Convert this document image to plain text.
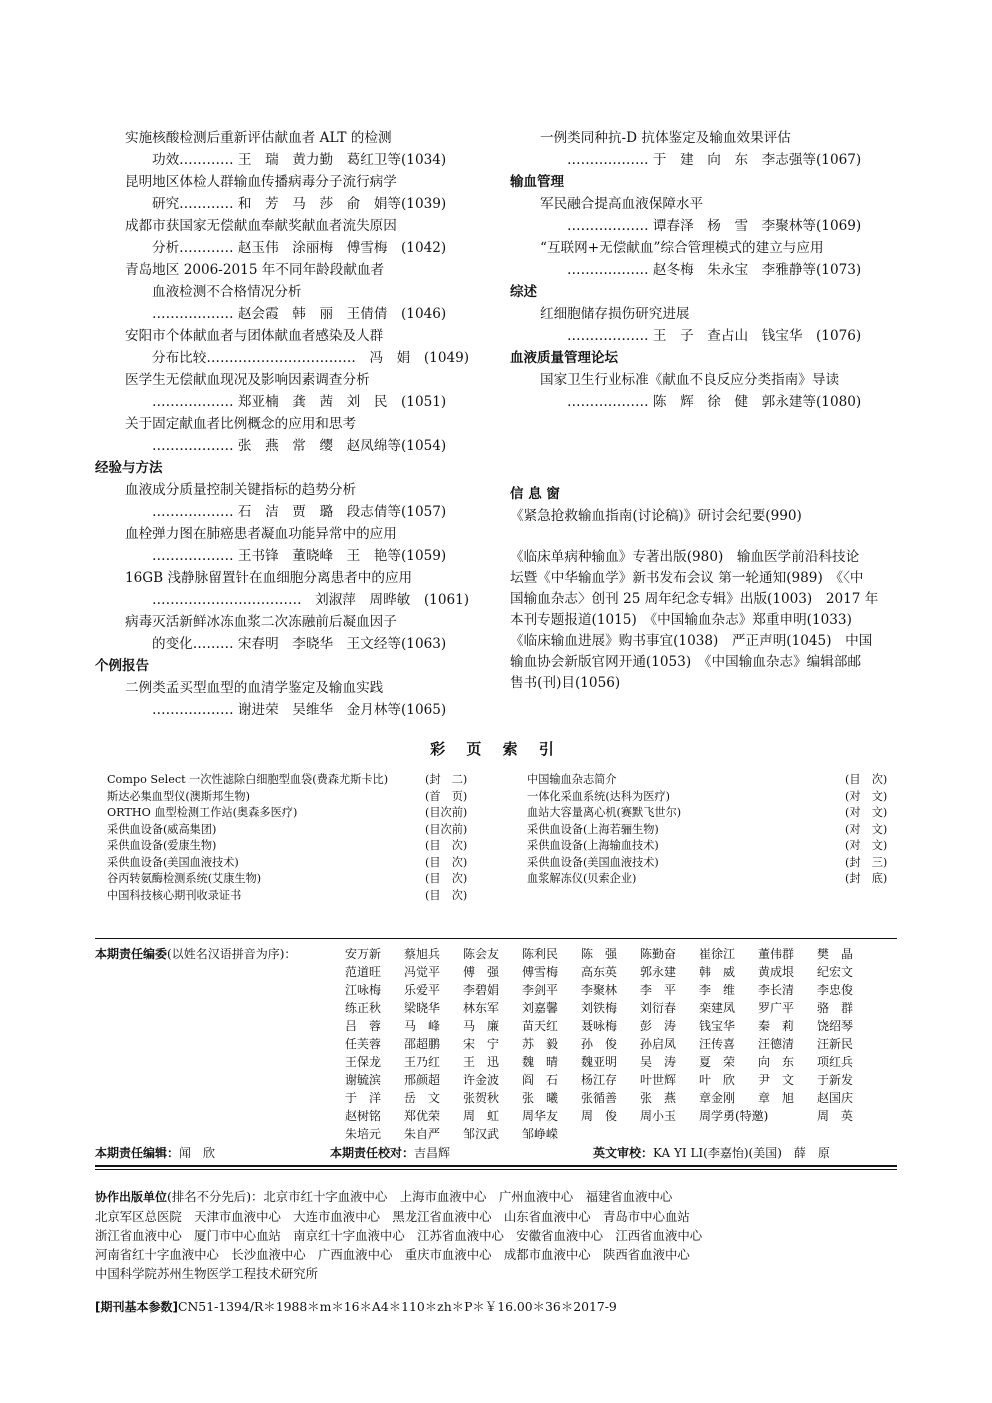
实施核酸检测后重新评估献血者 ALT 的检测
功效………… 王　瑞　黄力勤　葛红卫等(1034)
昆明地区体检人群输血传播病毒分子流行病学
研究………… 和　芳　马　莎　俞　娟等(1039)
成都市获国家无偿献血奉献奖献血者流失原因
分析………… 赵玉伟　涂丽梅　傅雪梅　(1042)
青岛地区 2006-2015 年不同年龄段献血者
血液检测不合格情况分析
……………… 赵会霞　韩　丽　王倩倩　(1046)
安阳市个体献血者与团体献血者感染及人群
分布比较……………………………　冯　娟　(1049)
医学生无偿献血现况及影响因素调查分析
……………… 郑亚楠　龚　茜　刘　民　(1051)
关于固定献血者比例概念的应用和思考
……………… 张　燕　常　缨　赵凤绵等(1054)
经验与方法
血液成分质量控制关键指标的趋势分析
……………… 石　洁　贾　璐　段志倩等(1057)
血栓弹力图在肺癌患者凝血功能异常中的应用
……………… 王书锋　董晓峰　王　艳等(1059)
16GB 浅静脉留置针在血细胞分离患者中的应用
……………………………　刘淑萍　周晔敏　(1061)
病毒灭活新鲜冰冻血浆二次冻融前后凝血因子
的变化……… 宋春明　李晓华　王文经等(1063)
个例报告
二例类孟买型血型的血清学鉴定及输血实践
……………… 谢进荣　吴维华　金月林等(1065)
一例类同种抗-D 抗体鉴定及输血效果评估
……………… 于　建　向　东　李志强等(1067)
输血管理
军民融合提高血液保障水平
……………… 谭春泽　杨　雪　李聚林等(1069)
“互联网+无偿献血”综合管理模式的建立与应用
……………… 赵冬梅　朱永宝　李雅静等(1073)
综述
红细胞储存损伤研究进展
……………… 王　子　查占山　钱宝华　(1076)
血液质量管理论坛
国家卫生行业标准《献血不良反应分类指南》导读
……………… 陈　辉　徐　健　郭永建等(1080)
信 息 窗
《紧急抢救输血指南(讨论稿)》研讨会纪要(990)
《临床单病种输血》专著出版(980)　输血医学前沿科技论
坛暨《中华输血学》新书发布会议 第一轮通知(989)　《〈中
国输血杂志〉创刊 25 周年纪念专辑》出版(1003)　2017 年
本刊专题报道(1015)　《中国输血杂志》郑重申明(1033)
《临床输血进展》购书事宜(1038)　严正声明(1045)　中国
输血协会新版官网开通(1053)　《中国输血杂志》编辑部邮
售书(刊)目(1056)
彩 页 索 引
Compo Select 一次性滤除白细胞型血袋(费森尤斯卡比)	(封　二)
斯达必集血型仪(澳斯邦生物)	(首　页)
ORTHO 血型检测工作站(奥森多医疗)	(目次前)
采供血设备(威高集团)	(目次前)
采供血设备(爱康生物)	(目　次)
采供血设备(美国血液技术)	(目　次)
谷丙转氨酶检测系统(艾康生物)	(目　次)
中国科技核心期刊收录证书	(目　次)
中国输血杂志简介	(目　次)
一体化采血系统(达科为医疗)	(对　文)
血站大容量离心机(赛默飞世尔)	(对　文)
采供血设备(上海若骊生物)	(对　文)
采供血设备(上海输血技术)	(对　文)
采供血设备(美国血液技术)	(封　三)
血浆解冻仪(贝索企业)	(封　底)
本期责任编委(以姓名汉语拼音为序)：	安万新 蔡旭兵 陈会友 陈利民 陈　强 陈勤奋 崔徐江 董伟群 樊　晶
范道旺 冯觉平 傅　强 傅雪梅 高东英 郭永建 韩　威 黄成垠 纪宏文
江咏梅 乐爱平 李碧娟 李剑平 李聚林 李　平 李　维 李长清 李忠俊
练正秋 梁晓华 林东军 刘嘉馨 刘铁梅 刘衍春 栾建凤 罗广平 骆　群
吕　蓉 马　峰 马　廉 苗天红 聂咏梅 彭　涛 钱宝华 秦　莉 饶绍琴
任芙蓉 邵超鹏 宋　宁 苏　毅 孙　俊 孙启凤 汪传喜 汪德清 汪新民
王保龙 王乃红 王　迅 魏　晴 魏亚明 吴　涛 夏　荣 向　东 项红兵
谢毓滨 邢颜超 许金波 阎　石 杨江存 叶世辉 叶　欣 尹　文 于新发
于　洋 岳　文 张贺秋 张　曦 张循善 张　燕 章金刚 章　旭 赵国庆
赵树铭 郑优荣 周　虹 周华友 周　俊 周小玉 周学勇(特邀)	周　英
朱培元 朱自严 邹汉武 邹峥嵘
本期责任编辑：闻　欣	本期责任校对：吉昌辉	英文审校：KA YI LI(李嘉怡)(美国)　薛　原
协作出版单位(排名不分先后)：北京市红十字血液中心　上海市血液中心　广州血液中心　福建省血液中心
北京军区总医院　天津市血液中心　大连市血液中心　黑龙江省血液中心　山东省血液中心　青岛市中心血站
浙江省血液中心　厦门市中心血站　南京红十字血液中心　江苏省血液中心　安徽省血液中心　江西省血液中心
河南省红十字血液中心　长沙血液中心　广西血液中心　重庆市血液中心　成都市血液中心　陕西省血液中心
中国科学院苏州生物医学工程技术研究所
[期刊基本参数]CN51-1394/R＊1988＊m＊16＊A4＊110＊zh＊P＊￥16.00＊36＊2017-9
